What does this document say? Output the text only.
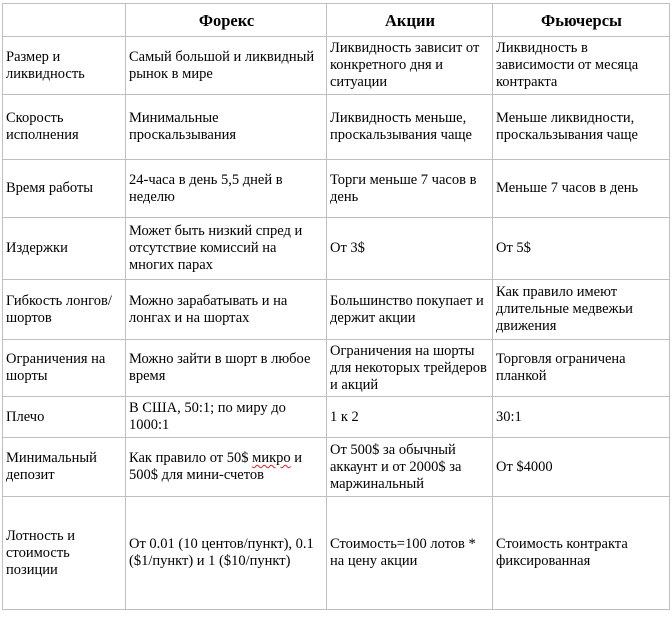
	Форекс	Акции	Фьючерсы
Размер и ликвидность	Самый большой и ликвидный рынок в мире	Ликвидность зависит от конкретного дня и ситуации	Ликвидность в зависимости от месяца контракта
Скорость исполнения	Минимальные проскальзывания	Ликвидность меньше, проскальзывания чаще	Меньше ликвидности, проскальзывания чаще
Время работы	24-часа в день 5,5 дней в неделю	Торги меньше 7 часов в день	Меньше 7 часов в день
Издержки	Может быть низкий спред и отсутствие комиссий на многих парах	От 3$	От 5$
Гибкость лонгов/шортов	Можно зарабатывать и на лонгах и на шортах	Большинство покупает и держит акции	Как правило имеют длительные медвежьи движения
Ограничения на шорты	Можно зайти в шорт в любое время	Ограничения на шорты для некоторых трейдеров и акций	Торговля ограничена планкой
Плечо	В США, 50:1; по миру до 1000:1	1 к 2	30:1
Минимальный депозит	Как правило от 50$ микро и 500$ для мини-счетов	От 500$ за обычный аккаунт и от 2000$ за маржинальный	От $4000
Лотность и стоимость позиции	От 0.01 (10 центов/пункт), 0.1 ($1/пункт) и 1 ($10/пункт)	Стоимость=100 лотов * на цену акции	Стоимость контракта фиксированная
